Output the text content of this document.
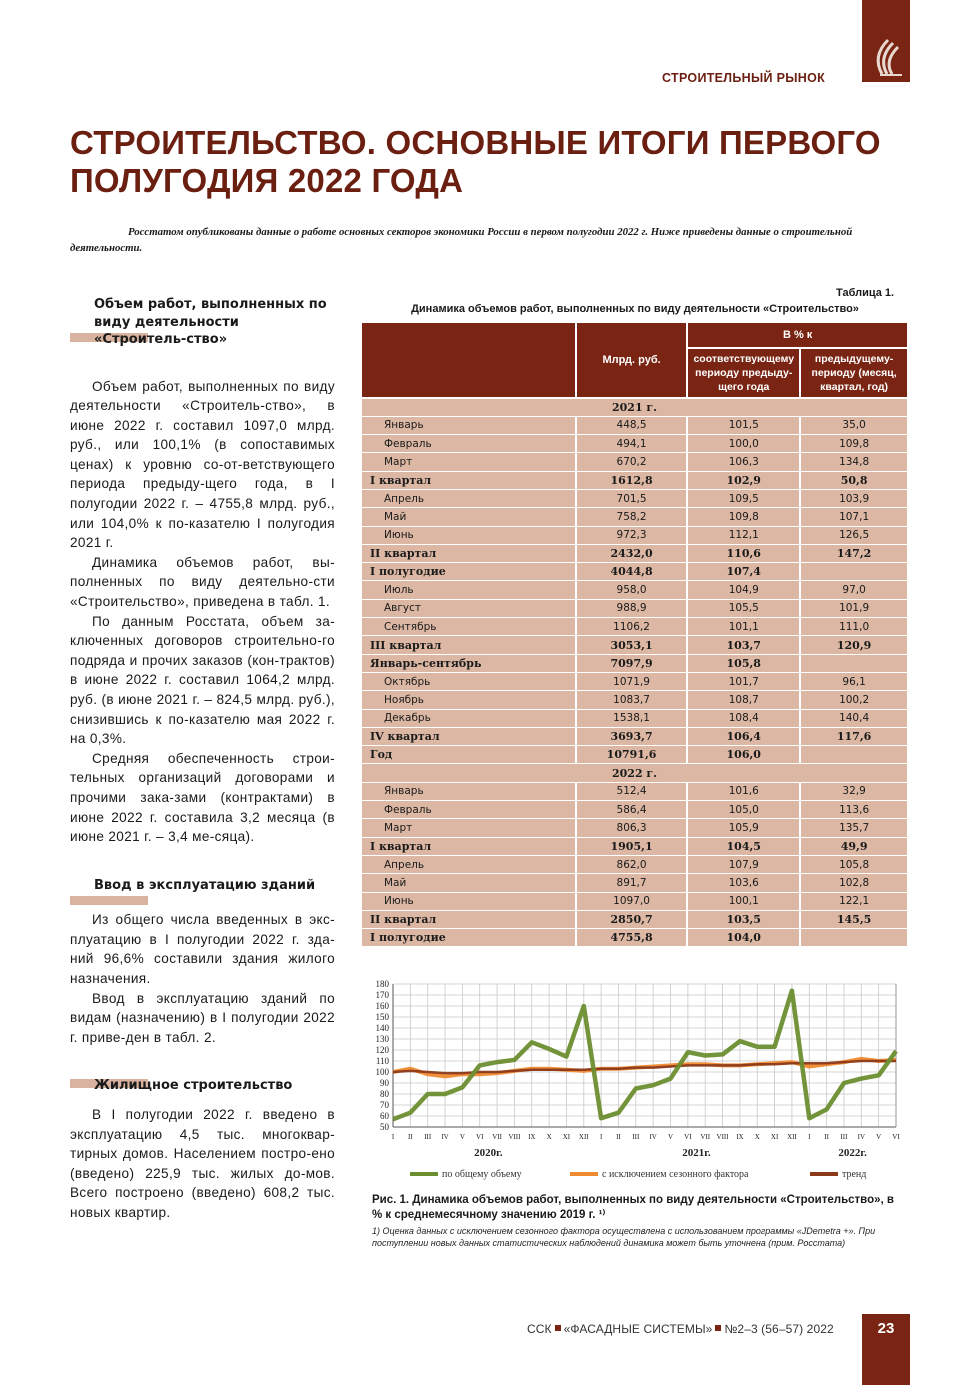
СТРОИТЕЛЬНЫЙ РЫНОК
СТРОИТЕЛЬСТВО. ОСНОВНЫЕ ИТОГИ ПЕРВОГО
ПОЛУГОДИЯ 2022 ГОДА

Росстатом опубликованы данные о работе основных секторов экономики России в первом полугодии 2022 г. Ниже приведены данные о строительной деятельности.

Объем работ, выполненных по виду деятельности «Строитель-ство»

Объем работ, выполненных по виду деятельности «Строитель-ство», в июне 2022 г. составил 1097,0 млрд. руб., или 100,1% (в сопоставимых ценах) к уровню со-от-ветствующего периода предыду-щего года, в I полугодии 2022 г. – 4755,8 млрд. руб., или 104,0% к по-казателю I полугодия 2021 г.

Динамика объемов работ, вы-полненных по виду деятельно-сти «Строительство», приведена в табл. 1.

По данным Росстата, объем за-ключенных договоров строительно-го подряда и прочих заказов (кон-трактов) в июне 2022 г. составил 1064,2 млрд. руб. (в июне 2021 г. – 824,5 млрд. руб.), снизившись к по-казателю мая 2022 г. на 0,3%.

Средняя обеспеченность строи-тельных организаций договорами и прочими зака-зами (контрактами) в июне 2022 г. составила 3,2 месяца (в июне 2021 г. – 3,4 ме-сяца).

Ввод в эксплуатацию зданий

Из общего числа введенных в экс-плуатацию в I полугодии 2022 г. зда-ний 96,6% составили здания жилого назначения.

Ввод в эксплуатацию зданий по видам (назначению) в I полугодии 2022 г. приве-ден в табл. 2.

Жилищное строительство

В I полугодии 2022 г. введено в эксплуатацию 4,5 тыс. многоквар-тирных домов. Населением постро-ено (введено) 225,9 тыс. жилых до-мов. Всего построено (введено) 608,2 тыс. новых квартир.

Таблица 1.
Динамика объемов работ, выполненных по виду деятельности «Строительство»
	Млрд. руб.	В % к	
		соответствующему периоду предыду-щего года	предыдущему-периоду (месяц, квартал, год)
2021 г.			
Январь	448,5	101,5	35,0
Февраль	494,1	100,0	109,8
Март	670,2	106,3	134,8
I квартал	1612,8	102,9	50,8
Апрель	701,5	109,5	103,9
Май	758,2	109,8	107,1
Июнь	972,3	112,1	126,5
II квартал	2432,0	110,6	147,2
I полугодие	4044,8	107,4	
Июль	958,0	104,9	97,0
Август	988,9	105,5	101,9
Сентябрь	1106,2	101,1	111,0
III квартал	3053,1	103,7	120,9
Январь-сентябрь	7097,9	105,8	
Октябрь	1071,9	101,7	96,1
Ноябрь	1083,7	108,7	100,2
Декабрь	1538,1	108,4	140,4
IV квартал	3693,7	106,4	117,6
Год	10791,6	106,0	
2022 г.			
Январь	512,4	101,6	32,9
Февраль	586,4	105,0	113,6
Март	806,3	105,9	135,7
I квартал	1905,1	104,5	49,9
Апрель	862,0	107,9	105,8
Май	891,7	103,6	102,8
Июнь	1097,0	100,1	122,1
II квартал	2850,7	103,5	145,5
I полугодие	4755,8	104,0	
50
60
70
80
90
100
110
120
130
140
150
160
170
180
I II III IV V VI VII VIII IX X XI XII I II III IV V VI VII VIII IX X XI XII I II III IV V VI
2020г.	2021г.	2022г.
по общему объему	с исключением сезонного фактора	тренд
Рис. 1. Динамика объемов работ, выполненных по виду деятельности «Строительство», в % к среднемесячному значению 2019 г. ¹⁾
1) Оценка данных с исключением сезонного фактора осуществлена с использованием программы «JDemetra +». При поступлении новых данных статистических наблюдений динамика может быть уточнена (прим. Росстата)
ССК «ФАСАДНЫЕ СИСТЕМЫ» №2–3 (56–57) 2022	23
